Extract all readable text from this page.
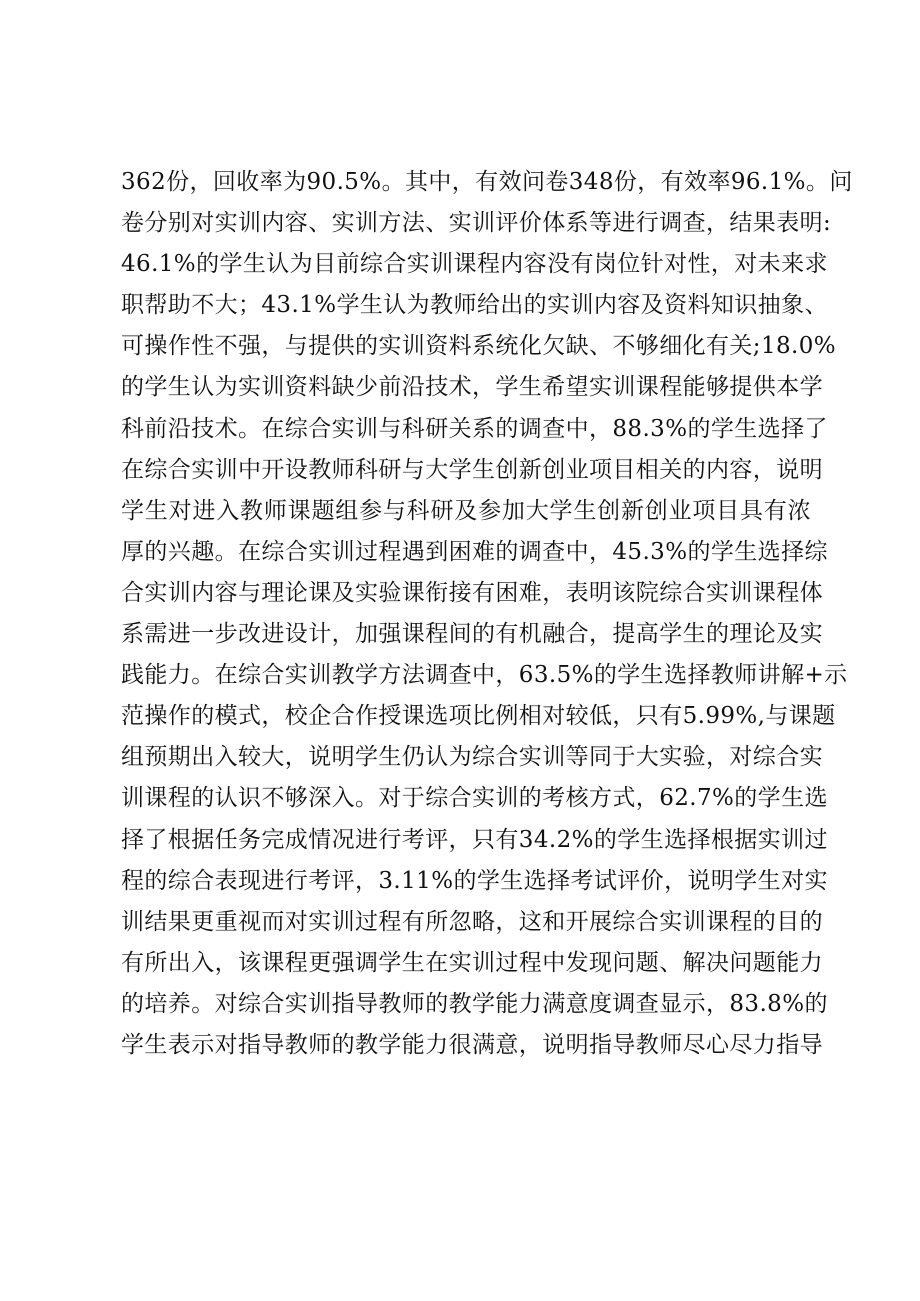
362份，回收率为90.5%。其中，有效问卷348份，有效率96.1%。问
卷分别对实训内容、实训方法、实训评价体系等进行调查，结果表明:
46.1%的学生认为目前综合实训课程内容没有岗位针对性，对未来求
职帮助不大；43.1%学生认为教师给出的实训内容及资料知识抽象、
可操作性不强，与提供的实训资料系统化欠缺、不够细化有关;18.0%
的学生认为实训资料缺少前沿技术，学生希望实训课程能够提供本学
科前沿技术。在综合实训与科研关系的调查中，88.3%的学生选择了
在综合实训中开设教师科研与大学生创新创业项目相关的内容，说明
学生对进入教师课题组参与科研及参加大学生创新创业项目具有浓
厚的兴趣。在综合实训过程遇到困难的调查中，45.3%的学生选择综
合实训内容与理论课及实验课衔接有困难，表明该院综合实训课程体
系需进一步改进设计，加强课程间的有机融合，提高学生的理论及实
践能力。在综合实训教学方法调查中，63.5%的学生选择教师讲解+示
范操作的模式，校企合作授课选项比例相对较低，只有5.99%,与课题
组预期出入较大，说明学生仍认为综合实训等同于大实验，对综合实
训课程的认识不够深入。对于综合实训的考核方式，62.7%的学生选
择了根据任务完成情况进行考评，只有34.2%的学生选择根据实训过
程的综合表现进行考评，3.11%的学生选择考试评价，说明学生对实
训结果更重视而对实训过程有所忽略，这和开展综合实训课程的目的
有所出入，该课程更强调学生在实训过程中发现问题、解决问题能力
的培养。对综合实训指导教师的教学能力满意度调查显示，83.8%的
学生表示对指导教师的教学能力很满意，说明指导教师尽心尽力指导
